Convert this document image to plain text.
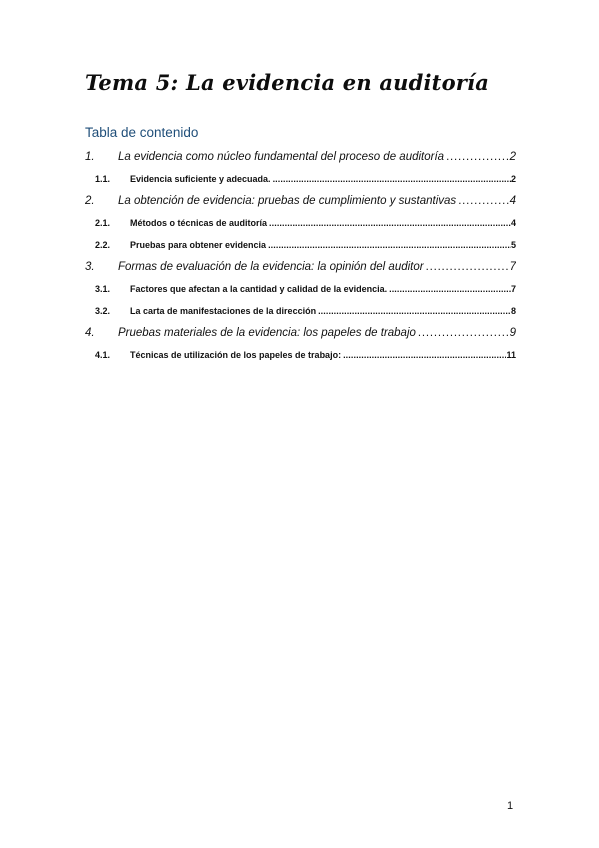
Tema 5: La evidencia en auditoría
Tabla de contenido
1.	La evidencia como núcleo fundamental del proceso de auditoría . . .	2
1.1.	Evidencia suficiente y adecuada. . . .	2
2.	La obtención de evidencia: pruebas de cumplimiento y sustantivas . . .	4
2.1.	Métodos o técnicas de auditoría . . .	4
2.2.	Pruebas para obtener evidencia . . .	5
3.	Formas de evaluación de la evidencia: la opinión del auditor . . .	7
3.1.	Factores que afectan a la cantidad y calidad de la evidencia. . . .	7
3.2.	La carta de manifestaciones de la dirección . . .	8
4.	Pruebas materiales de la evidencia: los papeles de trabajo . . .	9
4.1.	Técnicas de utilización de los papeles de trabajo: . . .	11
1
